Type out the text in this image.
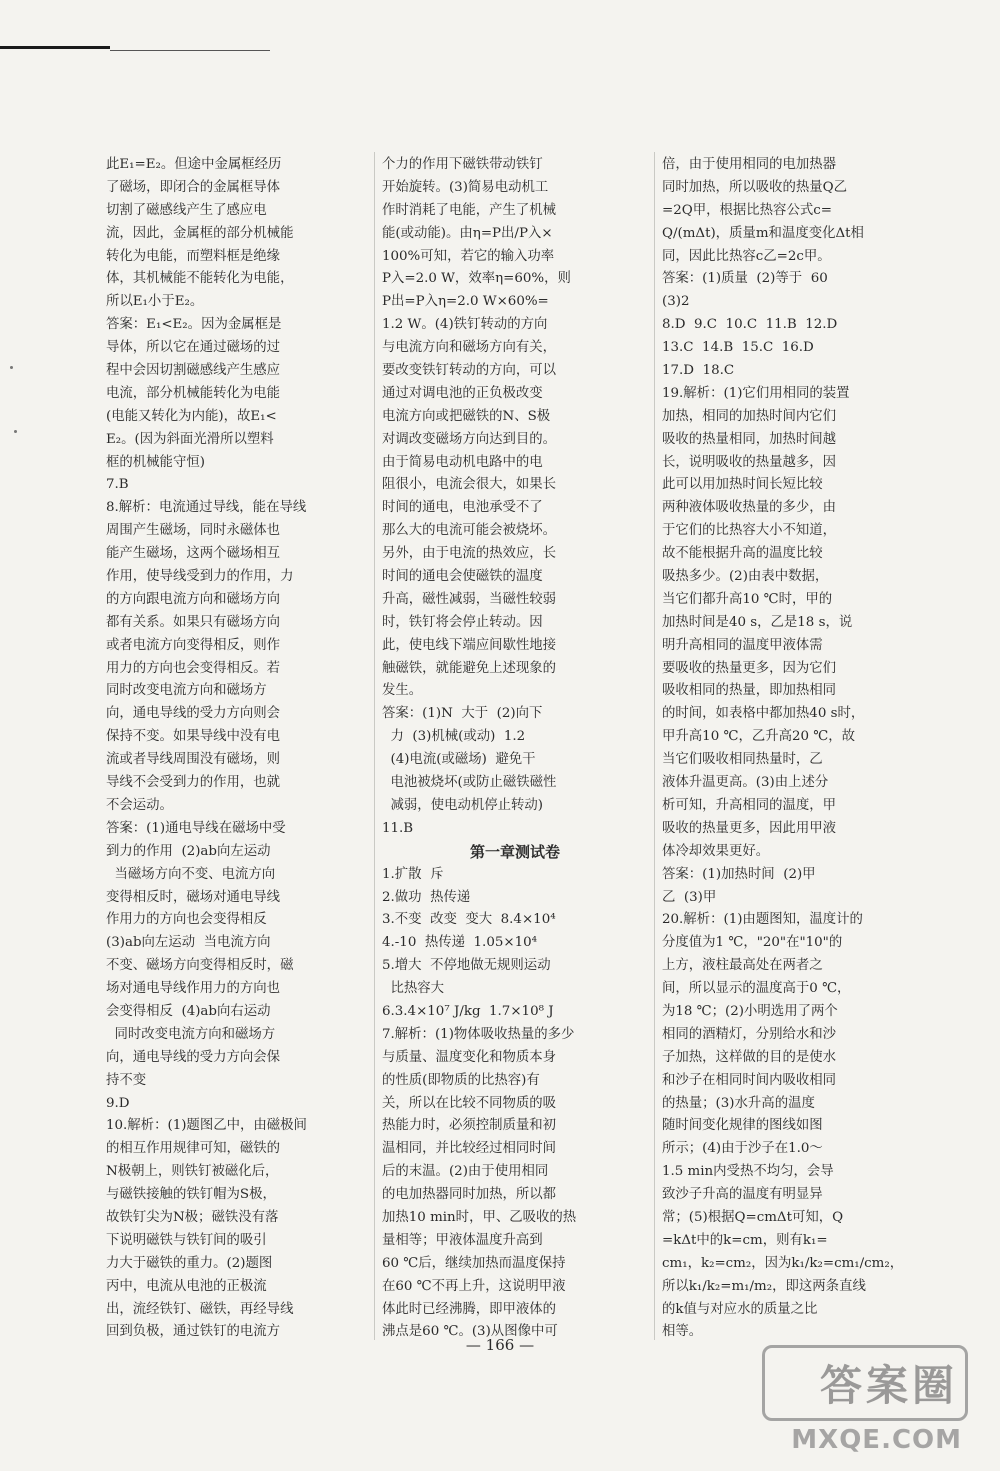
此E₁=E₂。但途中金属框经历
了磁场，即闭合的金属框导体
切割了磁感线产生了感应电
流，因此，金属框的部分机械能
转化为电能，而塑料框是绝缘
体，其机械能不能转化为电能，
所以E₁小于E₂。
答案：E₁<E₂。因为金属框是
导体，所以它在通过磁场的过
程中会因切割磁感线产生感应
电流，部分机械能转化为电能
(电能又转化为内能)，故E₁<
E₂。(因为斜面光滑所以塑料
框的机械能守恒)
7.B
8.解析：电流通过导线，能在导线
周围产生磁场，同时永磁体也
能产生磁场，这两个磁场相互
作用，使导线受到力的作用，力
的方向跟电流方向和磁场方向
都有关系。如果只有磁场方向
或者电流方向变得相反，则作
用力的方向也会变得相反。若
同时改变电流方向和磁场方
向，通电导线的受力方向则会
保持不变。如果导线中没有电
流或者导线周围没有磁场，则
导线不会受到力的作用，也就
不会运动。
答案：(1)通电导线在磁场中受
到力的作用  (2)ab向左运动
当磁场方向不变、电流方向
变得相反时，磁场对通电导线
作用力的方向也会变得相反
(3)ab向左运动  当电流方向
不变、磁场方向变得相反时，磁
场对通电导线作用力的方向也
会变得相反  (4)ab向右运动
同时改变电流方向和磁场方
向，通电导线的受力方向会保
持不变
9.D
10.解析：(1)题图乙中，由磁极间
的相互作用规律可知，磁铁的
N极朝上，则铁钉被磁化后，
与磁铁接触的铁钉帽为S极，
故铁钉尖为N极；磁铁没有落
下说明磁铁与铁钉间的吸引
力大于磁铁的重力。(2)题图
丙中，电流从电池的正极流
出，流经铁钉、磁铁，再经导线
回到负极，通过铁钉的电流方
个力的作用下磁铁带动铁钉
开始旋转。(3)简易电动机工
作时消耗了电能，产生了机械
能(或动能)。由η=P出/P入×
100%可知，若它的输入功率
P入=2.0 W，效率η=60%，则
P出=P入η=2.0 W×60%=
1.2 W。(4)铁钉转动的方向
与电流方向和磁场方向有关，
要改变铁钉转动的方向，可以
通过对调电池的正负极改变
电流方向或把磁铁的N、S极
对调改变磁场方向达到目的。
由于简易电动机电路中的电
阻很小，电流会很大，如果长
时间的通电，电池承受不了
那么大的电流可能会被烧坏。
另外，由于电流的热效应，长
时间的通电会使磁铁的温度
升高，磁性减弱，当磁性较弱
时，铁钉将会停止转动。因
此，使电线下端应间歇性地接
触磁铁，就能避免上述现象的
发生。
答案：(1)N  大于  (2)向下
力  (3)机械(或动)  1.2
(4)电流(或磁场)  避免干
电池被烧坏(或防止磁铁磁性
减弱，使电动机停止转动)
11.B
第一章测试卷
1.扩散  斥
2.做功  热传递
3.不变  改变  变大  8.4×10⁴
4.-10  热传递  1.05×10⁴
5.增大  不停地做无规则运动
比热容大
6.3.4×10⁷ J/kg  1.7×10⁸ J
7.解析：(1)物体吸收热量的多少
与质量、温度变化和物质本身
的性质(即物质的比热容)有
关，所以在比较不同物质的吸
热能力时，必须控制质量和初
温相同，并比较经过相同时间
后的末温。(2)由于使用相同
的电加热器同时加热，所以都
加热10 min时，甲、乙吸收的热
量相等；甲液体温度升高到
60 ℃后，继续加热而温度保持
在60 ℃不再上升，这说明甲液
体此时已经沸腾，即甲液体的
沸点是60 ℃。(3)从图像中可
倍，由于使用相同的电加热器
同时加热，所以吸收的热量Q乙
=2Q甲，根据比热容公式c=
Q/(mΔt)，质量m和温度变化Δt相
同，因此比热容c乙=2c甲。
答案：(1)质量  (2)等于  60
(3)2
8.D  9.C  10.C  11.B  12.D
13.C  14.B  15.C  16.D
17.D  18.C
19.解析：(1)它们用相同的装置
加热，相同的加热时间内它们
吸收的热量相同，加热时间越
长，说明吸收的热量越多，因
此可以用加热时间长短比较
两种液体吸收热量的多少，由
于它们的比热容大小不知道，
故不能根据升高的温度比较
吸热多少。(2)由表中数据，
当它们都升高10 ℃时，甲的
加热时间是40 s，乙是18 s，说
明升高相同的温度甲液体需
要吸收的热量更多，因为它们
吸收相同的热量，即加热相同
的时间，如表格中都加热40 s时，
甲升高10 ℃，乙升高20 ℃，故
当它们吸收相同热量时，乙
液体升温更高。(3)由上述分
析可知，升高相同的温度，甲
吸收的热量更多，因此用甲液
体冷却效果更好。
答案：(1)加热时间  (2)甲
乙  (3)甲
20.解析：(1)由题图知，温度计的
分度值为1 ℃，"20"在"10"的
上方，液柱最高处在两者之
间，所以显示的温度高于0 ℃，
为18 ℃；(2)小明选用了两个
相同的酒精灯，分别给水和沙
子加热，这样做的目的是使水
和沙子在相同时间内吸收相同
的热量；(3)水升高的温度
随时间变化规律的图线如图
所示；(4)由于沙子在1.0～
1.5 min内受热不均匀，会导
致沙子升高的温度有明显异
常；(5)根据Q=cmΔt可知，Q
=kΔt中的k=cm，则有k₁=
cm₁，k₂=cm₂，因为k₁/k₂=cm₁/cm₂，
所以k₁/k₂=m₁/m₂，即这两条直线
的k值与对应水的质量之比
相等。
— 166 —
答案圈
MXQE.COM
